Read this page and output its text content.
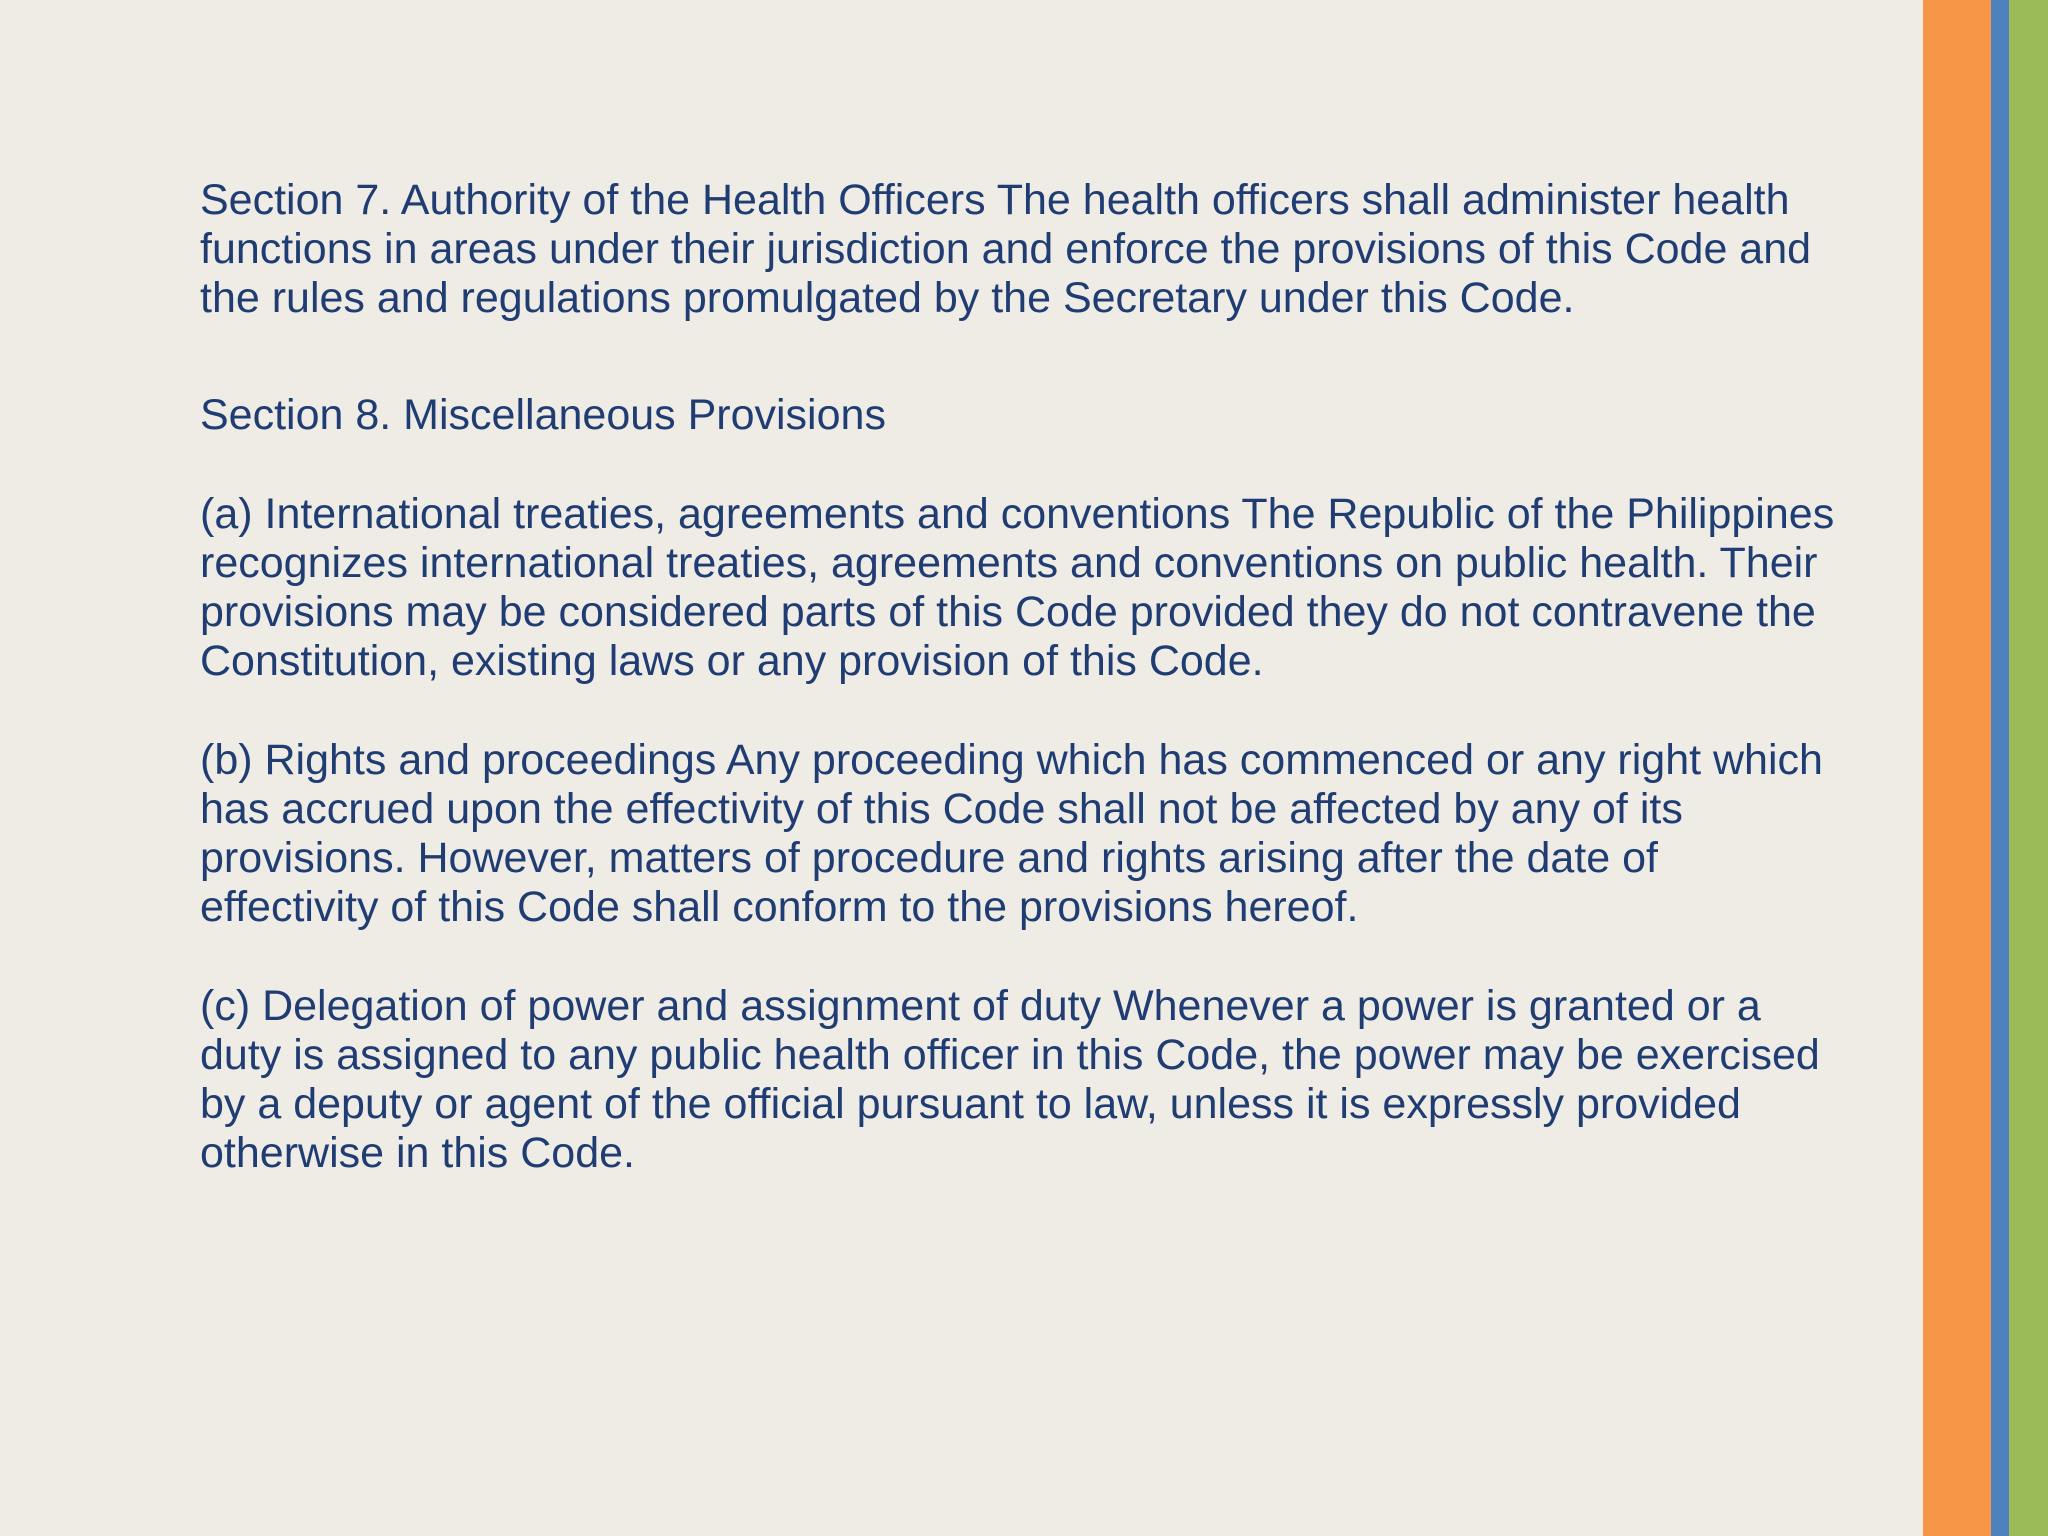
Section 7. Authority of the Health Officers The health officers shall administer health functions in areas under their jurisdiction and enforce the provisions of this Code and the rules and regulations promulgated by the Secretary under this Code.

Section 8. Miscellaneous Provisions

(a) International treaties, agreements and conventions The Republic of the Philippines recognizes international treaties, agreements and conventions on public health. Their provisions may be considered parts of this Code provided they do not contravene the Constitution, existing laws or any provision of this Code.

(b) Rights and proceedings Any proceeding which has commenced or any right which has accrued upon the effectivity of this Code shall not be affected by any of its provisions. However, matters of procedure and rights arising after the date of effectivity of this Code shall conform to the provisions hereof.

(c) Delegation of power and assignment of duty Whenever a power is granted or a duty is assigned to any public health officer in this Code, the power may be exercised by a deputy or agent of the official pursuant to law, unless it is expressly provided otherwise in this Code.
